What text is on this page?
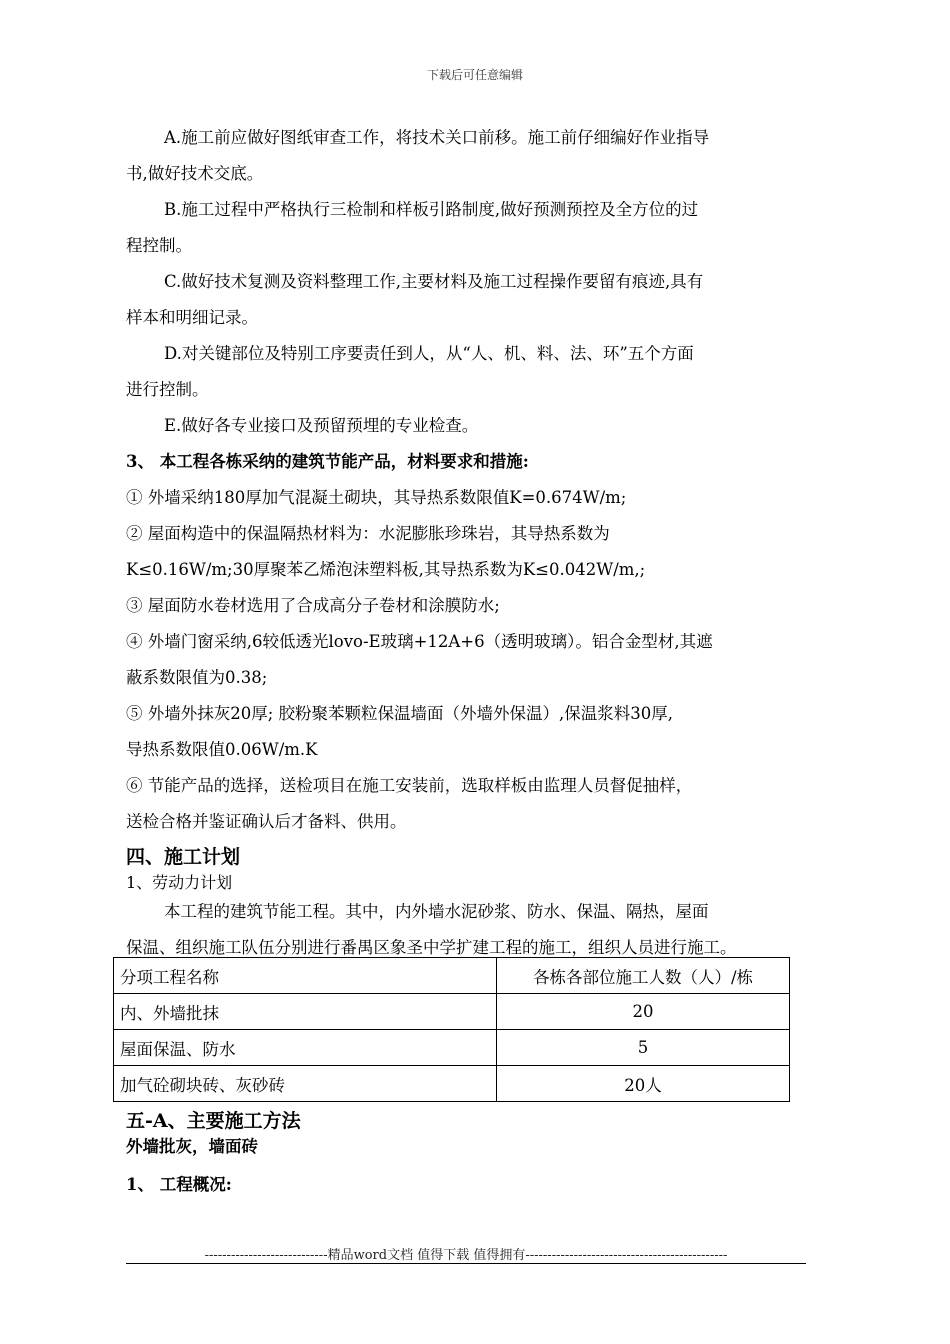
下载后可任意编辑

A.施工前应做好图纸审查工作，将技术关口前移。施工前仔细编好作业指导

书,做好技术交底。

B.施工过程中严格执行三检制和样板引路制度,做好预测预控及全方位的过

程控制。

C.做好技术复测及资料整理工作,主要材料及施工过程操作要留有痕迹,具有

样本和明细记录。

D.对关键部位及特别工序要责任到人，从“人、机、料、法、环”五个方面

进行控制。

E.做好各专业接口及预留预埋的专业检查。

3、 本工程各栋采纳的建筑节能产品，材料要求和措施:

① 外墙采纳180厚加气混凝土砌块，其导热系数限值K=0.674W/m;

② 屋面构造中的保温隔热材料为：水泥膨胀珍珠岩，其导热系数为

K≤0.16W/m;30厚聚苯乙烯泡沫塑料板,其导热系数为K≤0.042W/m,;

③ 屋面防水卷材选用了合成高分子卷材和涂膜防水;

④ 外墙门窗采纳,6较低透光lovo-E玻璃+12A+6（透明玻璃）。铝合金型材,其遮

蔽系数限值为0.38;

⑤ 外墙外抹灰20厚; 胶粉聚苯颗粒保温墙面（外墙外保温）,保温浆料30厚,

导热系数限值0.06W/m.K

⑥ 节能产品的选择，送检项目在施工安装前，选取样板由监理人员督促抽样，

送检合格并鉴证确认后才备料、供用。

四、施工计划

1、劳动力计划

本工程的建筑节能工程。其中，内外墙水泥砂浆、防水、保温、隔热，屋面

保温、组织施工队伍分别进行番禺区象圣中学扩建工程的施工，组织人员进行施工。

分项工程名称	各栋各部位施工人数（人）/栋
内、外墙批抹	20
屋面保温、防水	5
加气砼砌块砖、灰砂砖	20人

五-A、主要施工方法

外墙批灰，墙面砖

1、 工程概况:

----------------------------精品word文档 值得下载 值得拥有----------------------------------------------
